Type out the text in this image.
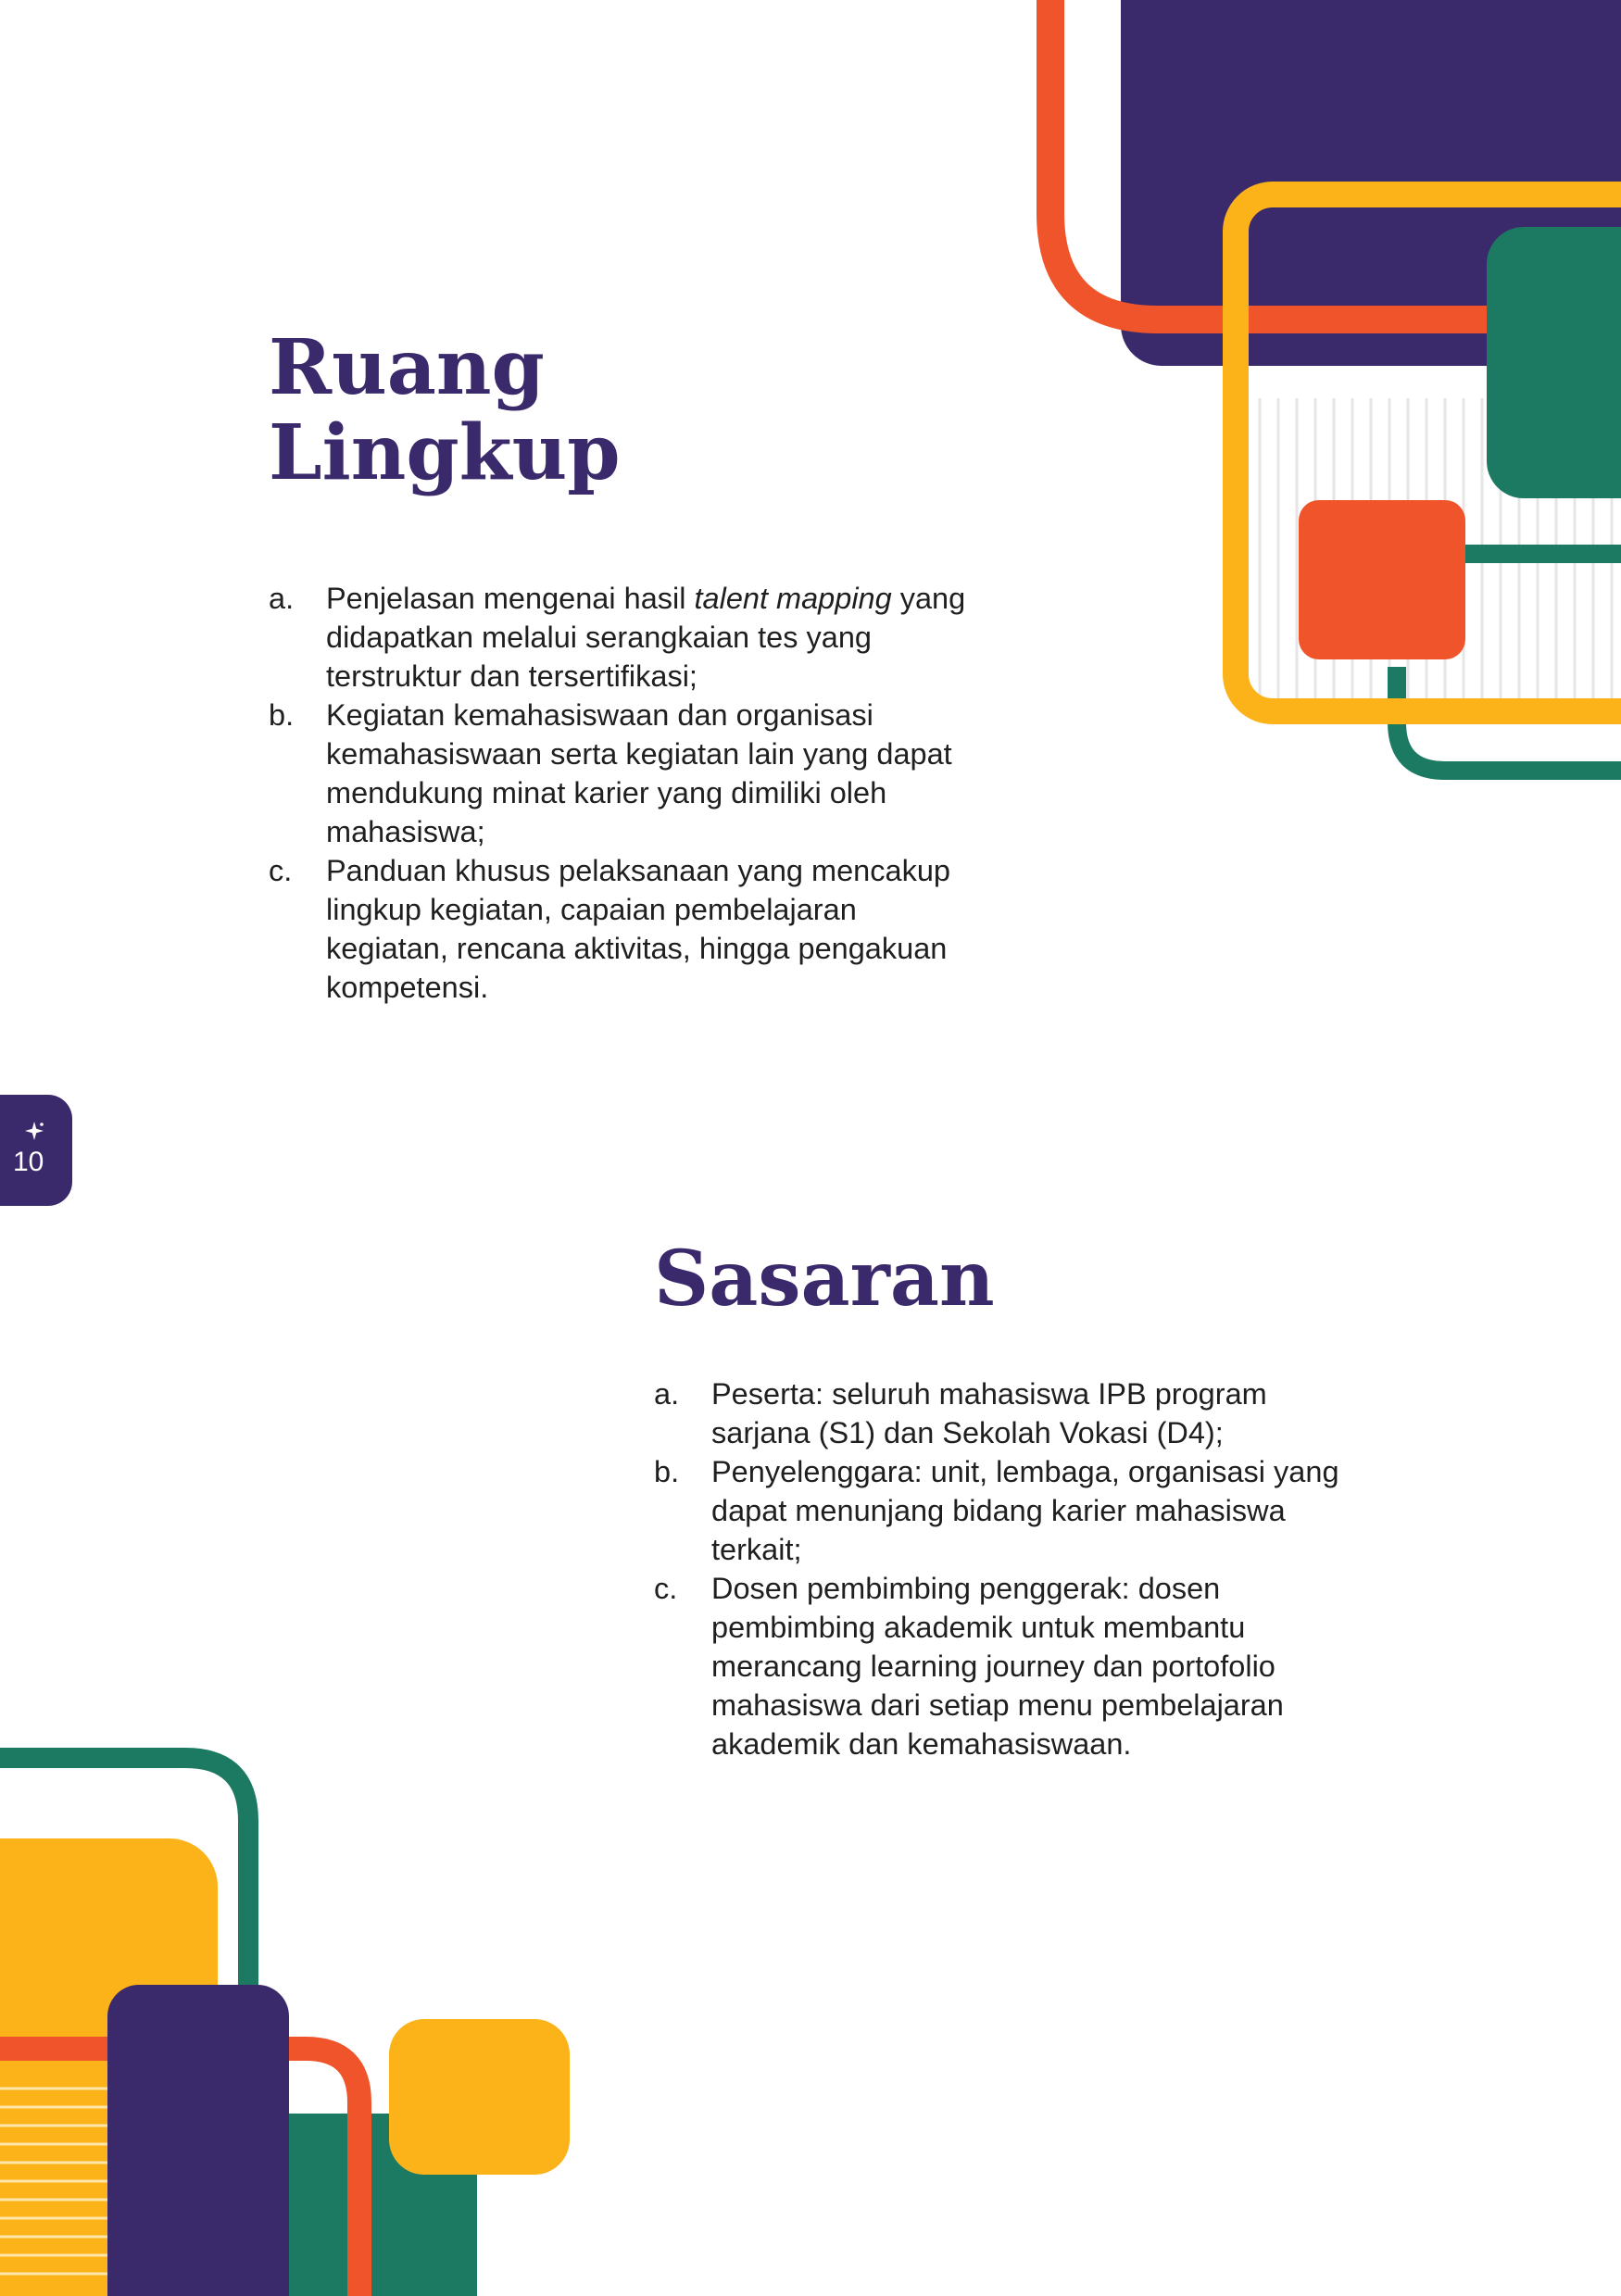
Ruang
Lingkup
a. Penjelasan mengenai hasil talent mapping yang didapatkan melalui serangkaian tes yang terstruktur dan tersertifikasi;
b. Kegiatan kemahasiswaan dan organisasi kemahasiswaan serta kegiatan lain yang dapat mendukung minat karier yang dimiliki oleh mahasiswa;
c. Panduan khusus pelaksanaan yang mencakup lingkup kegiatan, capaian pembelajaran kegiatan, rencana aktivitas, hingga pengakuan kompetensi.
10
Sasaran
a. Peserta: seluruh mahasiswa IPB program sarjana (S1) dan Sekolah Vokasi (D4);
b. Penyelenggara: unit, lembaga, organisasi yang dapat menunjang bidang karier mahasiswa terkait;
c. Dosen pembimbing penggerak: dosen pembimbing akademik untuk membantu merancang learning journey dan portofolio mahasiswa dari setiap menu pembelajaran akademik dan kemahasiswaan.
